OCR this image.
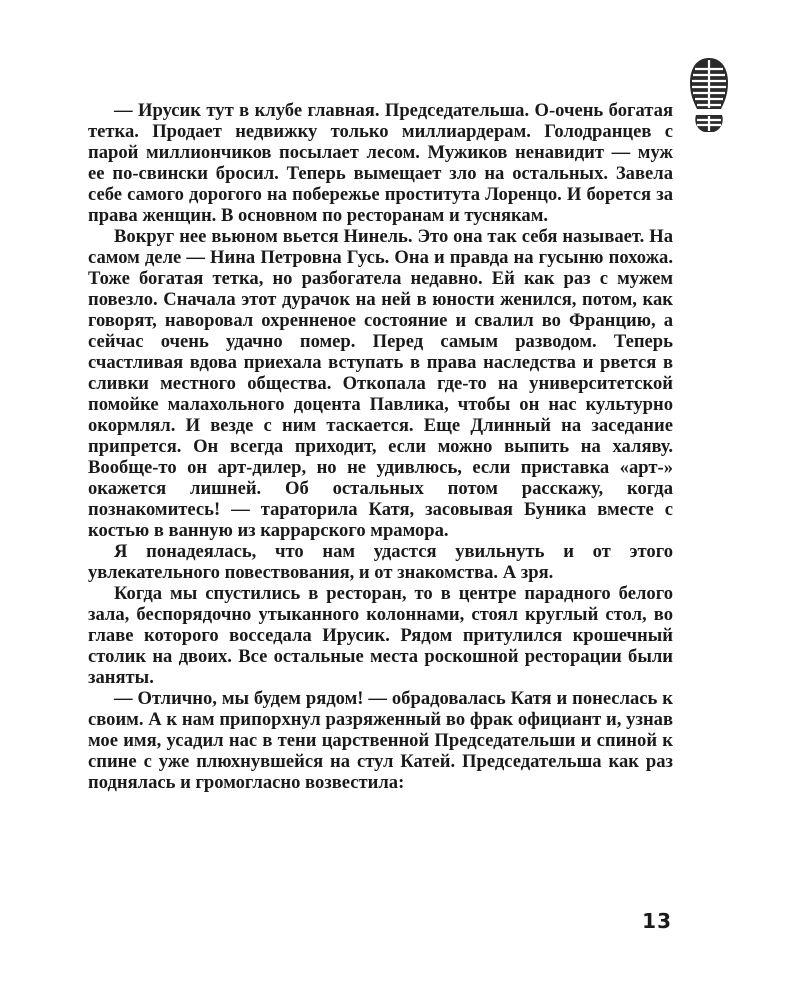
— Ирусик тут в клубе главная. Председательша. О-очень богатая тетка. Продает недвижку только миллиардерам. Голодранцев с парой миллиончиков посылает лесом. Мужиков ненавидит — муж ее по-свински бросил. Теперь вымещает зло на остальных. Завела себе самого дорогого на побережье проститута Лоренцо. И борется за права женщин. В основном по ресторанам и туснякам.

Вокруг нее вьюном вьется Нинель. Это она так себя называет. На самом деле — Нина Петровна Гусь. Она и правда на гусыню похожа. Тоже богатая тетка, но разбогатела недавно. Ей как раз с мужем повезло. Сначала этот дурачок на ней в юности женился, потом, как говорят, наворовал охренненое состояние и свалил во Францию, а сейчас очень удачно помер. Перед самым разводом. Теперь счастливая вдова приехала вступать в права наследства и рвется в сливки местного общества. Откопала где-то на университетской помойке малахольного доцента Павлика, чтобы он нас культурно окормлял. И везде с ним таскается. Еще Длинный на заседание припрется. Он всегда приходит, если можно выпить на халяву. Вообще-то он арт-дилер, но не удивлюсь, если приставка «арт-» окажется лишней. Об остальных потом расскажу, когда познакомитесь! — тараторила Катя, засовывая Буника вместе с костью в ванную из каррарского мрамора.

Я понадеялась, что нам удастся увильнуть и от этого увлекательного повествования, и от знакомства. А зря.

Когда мы спустились в ресторан, то в центре парадного белого зала, беспорядочно утыканного колоннами, стоял круглый стол, во главе которого восседала Ирусик. Рядом притулился крошечный столик на двоих. Все остальные места роскошной ресторации были заняты.

— Отлично, мы будем рядом! — обрадовалась Катя и понеслась к своим. А к нам припорхнул разряженный во фрак официант и, узнав мое имя, усадил нас в тени царственной Председательши и спиной к спине с уже плюхнувшейся на стул Катей. Председательша как раз поднялась и громогласно возвестила:

13
